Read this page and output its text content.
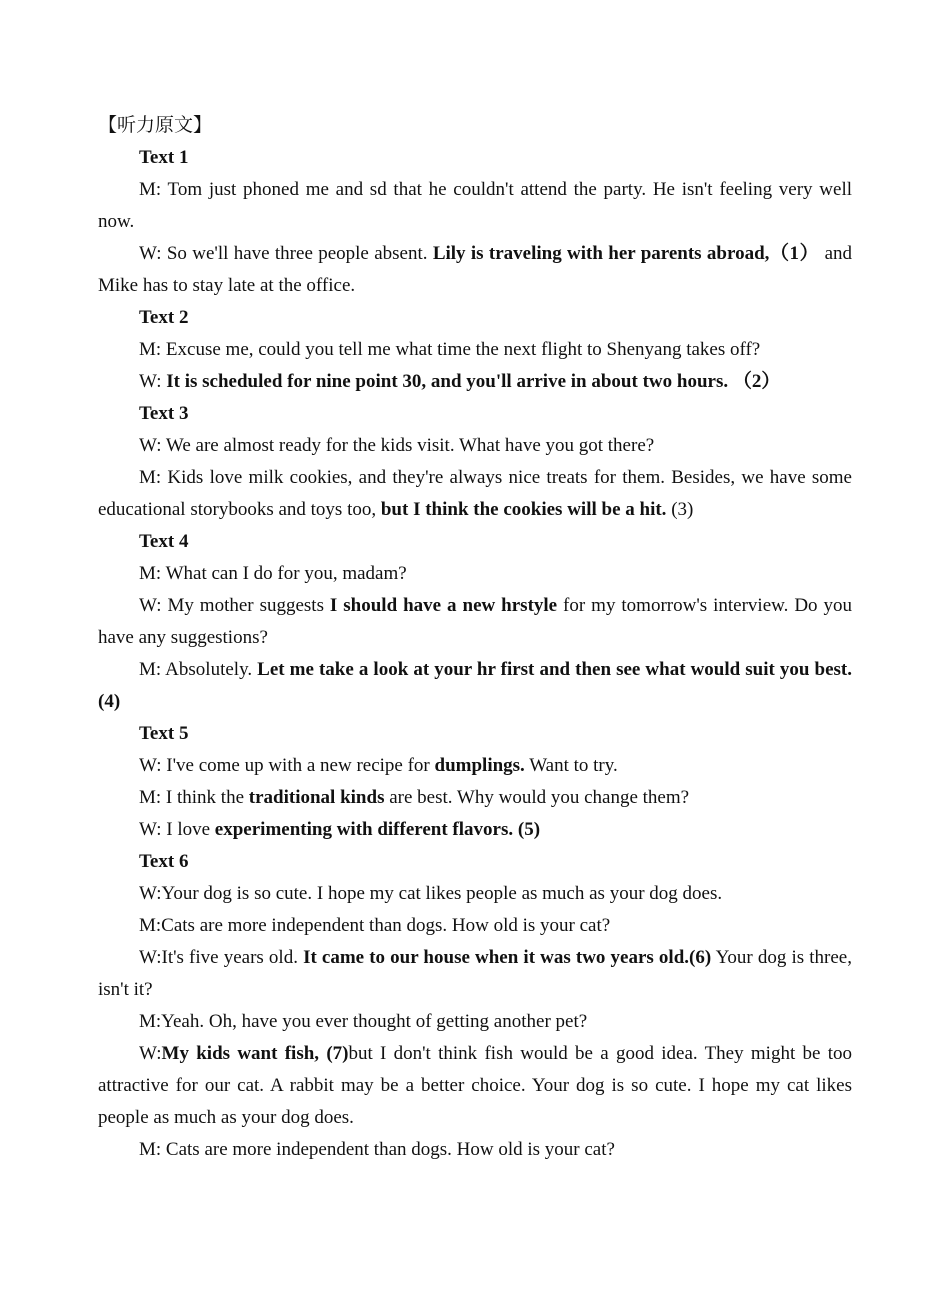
【听力原文】

Text 1

M: Tom just phoned me and sd that he couldn't attend the party. He isn't feeling very well now.

W: So we'll have three people absent. Lily is traveling with her parents abroad,（1） and Mike has to stay late at the office.

Text 2

M: Excuse me, could you tell me what time the next flight to Shenyang takes off?

W: It is scheduled for nine point 30, and you'll arrive in about two hours. （2）

Text 3

W: We are almost ready for the kids visit. What have you got there?

M: Kids love milk cookies, and they're always nice treats for them. Besides, we have some educational storybooks and toys too, but I think the cookies will be a hit. (3)

Text 4

M: What can I do for you, madam?

W: My mother suggests I should have a new hrstyle for my tomorrow's interview. Do you have any suggestions?

M: Absolutely. Let me take a look at your hr first and then see what would suit you best. (4)

Text 5

W: I've come up with a new recipe for dumplings. Want to try.

M: I think the traditional kinds are best. Why would you change them?

W: I love experimenting with different flavors. (5)

Text 6

W:Your dog is so cute. I hope my cat likes people as much as your dog does.

M:Cats are more independent than dogs. How old is your cat?

W:It's five years old. It came to our house when it was two years old.(6) Your dog is three, isn't it?

M:Yeah. Oh, have you ever thought of getting another pet?

W:My kids want fish, (7)but I don't think fish would be a good idea. They might be too attractive for our cat. A rabbit may be a better choice. Your dog is so cute. I hope my cat likes people as much as your dog does.

M: Cats are more independent than dogs. How old is your cat?
